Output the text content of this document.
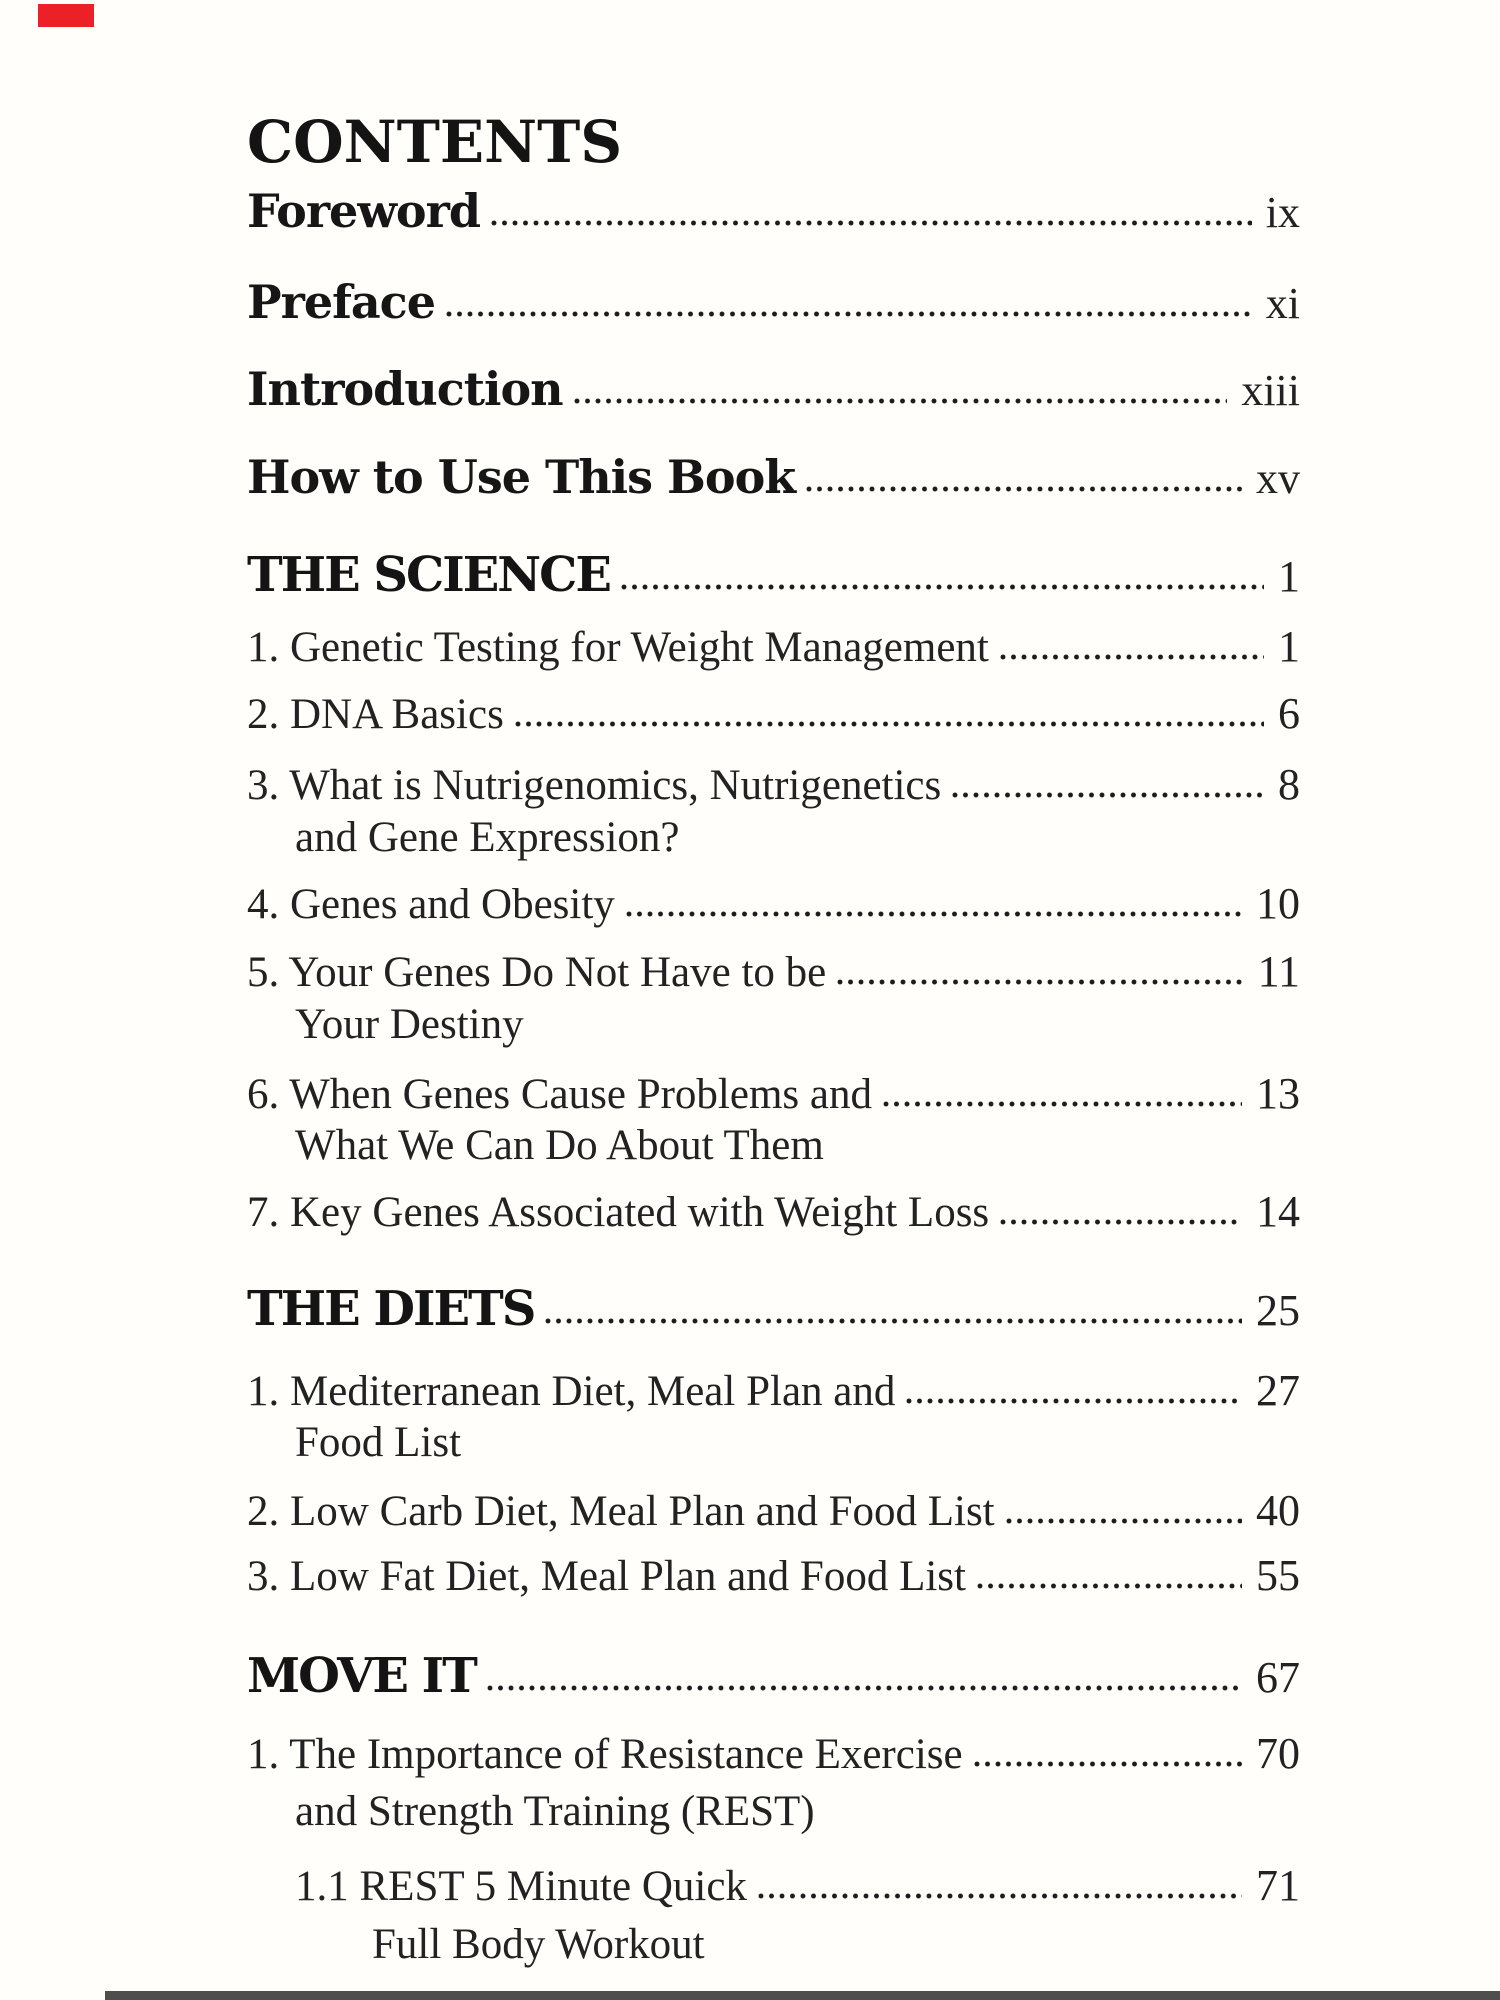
CONTENTS
Foreword	ix
Preface	xi
Introduction	xiii
How to Use This Book	xv
THE SCIENCE	1
1. Genetic Testing for Weight Management	1
2. DNA Basics	6
3. What is Nutrigenomics, Nutrigenetics	8
and Gene Expression?
4. Genes and Obesity	10
5. Your Genes Do Not Have to be	11
Your Destiny
6. When Genes Cause Problems and	13
What We Can Do About Them
7. Key Genes Associated with Weight Loss	14
THE DIETS	25
1. Mediterranean Diet, Meal Plan and	27
Food List
2. Low Carb Diet, Meal Plan and Food List	40
3. Low Fat Diet, Meal Plan and Food List	55
MOVE IT	67
1. The Importance of Resistance Exercise	70
and Strength Training (REST)
1.1 REST 5 Minute Quick	71
Full Body Workout
